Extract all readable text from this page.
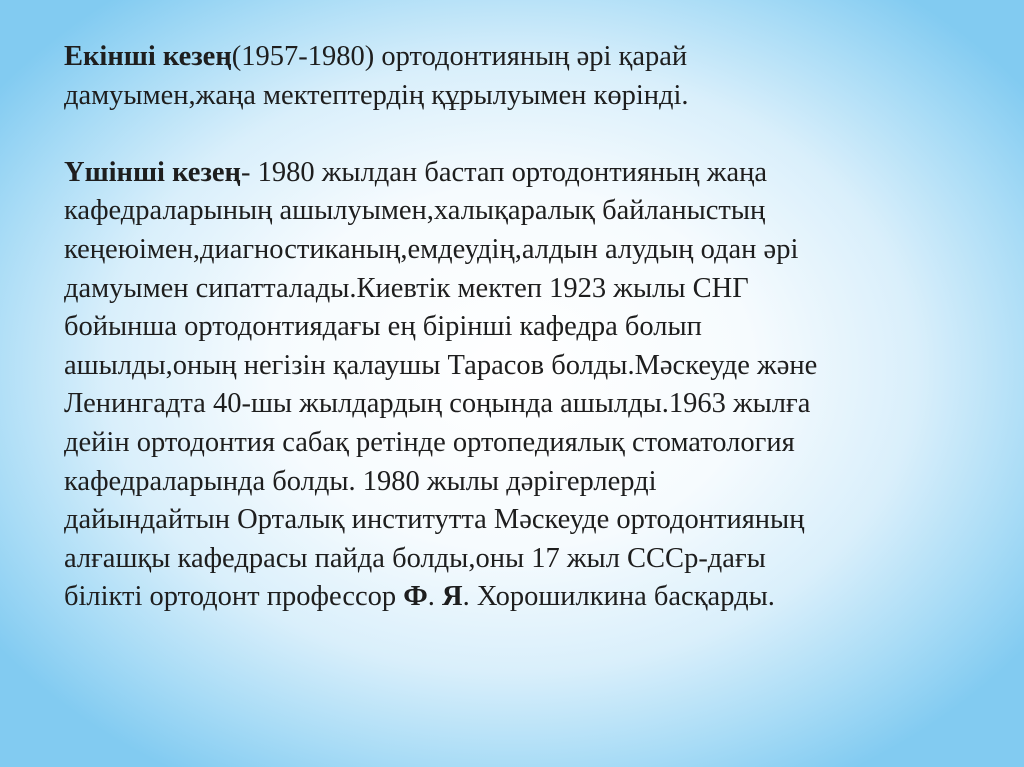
Екінші кезең(1957-1980) ортодонтияның әрі қарай
дамуымен,жаңа мектептердің құрылуымен көрінді.
Үшінші кезең- 1980 жылдан бастап ортодонтияның жаңа
кафедраларының ашылуымен,халықаралық байланыстың
кеңеюімен,диагностиканың,емдеудің,алдын алудың одан әрі
дамуымен сипатталады.Киевтік мектеп 1923 жылы СНГ
бойынша ортодонтиядағы ең бірінші кафедра болып
ашылды,оның негізін қалаушы Тарасов болды.Мәскеуде және
Ленингадта 40-шы жылдардың соңында ашылды.1963 жылға
дейін ортодонтия сабақ ретінде ортопедиялық стоматология
кафедраларында болды. 1980 жылы дәрігерлерді
дайындайтын Орталық институтта Мәскеуде ортодонтияның
алғашқы кафедрасы пайда болды,оны 17 жыл СССр-дағы
білікті ортодонт профессор Ф. Я. Хорошилкина басқарды.
